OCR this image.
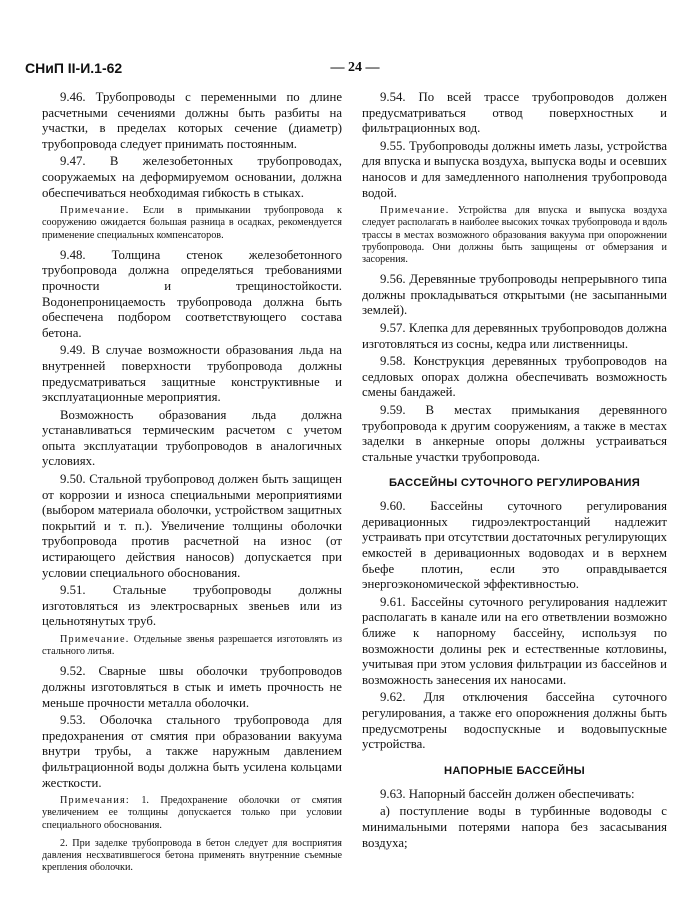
СНиП II-И.1-62	— 24 —

9.46. Трубопроводы с переменными по длине расчетными сечениями должны быть разбиты на участки, в пределах которых сечение (диаметр) трубопровода следует принимать постоянным.

9.47. В железобетонных трубопроводах, сооружаемых на деформируемом основании, должна обеспечиваться необходимая гибкость в стыках.

Примечание. Если в примыкании трубопровода к сооружению ожидается большая разница в осадках, рекомендуется применение специальных компенсаторов.

9.48. Толщина стенок железобетонного трубопровода должна определяться требованиями прочности и трещиностойкости. Водонепроницаемость трубопровода должна быть обеспечена подбором соответствующего состава бетона.

9.49. В случае возможности образования льда на внутренней поверхности трубопровода должны предусматриваться защитные конструктивные и эксплуатационные мероприятия.

Возможность образования льда должна устанавливаться термическим расчетом с учетом опыта эксплуатации трубопроводов в аналогичных условиях.

9.50. Стальной трубопровод должен быть защищен от коррозии и износа специальными мероприятиями (выбором материала оболочки, устройством защитных покрытий и т. п.). Увеличение толщины оболочки трубопровода против расчетной на износ (от истирающего действия наносов) допускается при условии специального обоснования.

9.51. Стальные трубопроводы должны изготовляться из электросварных звеньев или из цельнотянутых труб.

Примечание. Отдельные звенья разрешается изготовлять из стального литья.

9.52. Сварные швы оболочки трубопроводов должны изготовляться в стык и иметь прочность не меньше прочности металла оболочки.

9.53. Оболочка стального трубопровода для предохранения от смятия при образовании вакуума внутри трубы, а также наружным давлением фильтрационной воды должна быть усилена кольцами жесткости.

Примечания: 1. Предохранение оболочки от смятия увеличением ее толщины допускается только при условии специального обоснования.

2. При заделке трубопровода в бетон следует для восприятия давления несхватившегося бетона применять внутренние съемные крепления оболочки.

9.54. По всей трассе трубопроводов должен предусматриваться отвод поверхностных и фильтрационных вод.

9.55. Трубопроводы должны иметь лазы, устройства для впуска и выпуска воздуха, выпуска воды и осевших наносов и для замедленного наполнения трубопровода водой.

Примечание. Устройства для впуска и выпуска воздуха следует располагать в наиболее высоких точках трубопровода и вдоль трассы в местах возможного образования вакуума при опорожнении трубопровода. Они должны быть защищены от обмерзания и засорения.

9.56. Деревянные трубопроводы непрерывного типа должны прокладываться открытыми (не засыпанными землей).

9.57. Клепка для деревянных трубопроводов должна изготовляться из сосны, кедра или лиственницы.

9.58. Конструкция деревянных трубопроводов на седловых опорах должна обеспечивать возможность смены бандажей.

9.59. В местах примыкания деревянного трубопровода к другим сооружениям, а также в местах заделки в анкерные опоры должны устраиваться стальные участки трубопровода.

БАССЕЙНЫ СУТОЧНОГО РЕГУЛИРОВАНИЯ

9.60. Бассейны суточного регулирования деривационных гидроэлектростанций надлежит устраивать при отсутствии достаточных регулирующих емкостей в деривационных водоводах и в верхнем бьефе плотин, если это оправдывается энергоэкономической эффективностью.

9.61. Бассейны суточного регулирования надлежит располагать в канале или на его ответвлении возможно ближе к напорному бассейну, используя по возможности долины рек и естественные котловины, учитывая при этом условия фильтрации из бассейнов и возможность занесения их наносами.

9.62. Для отключения бассейна суточного регулирования, а также его опорожнения должны быть предусмотрены водоспускные и водовыпускные устройства.

НАПОРНЫЕ БАССЕЙНЫ

9.63. Напорный бассейн должен обеспечивать:

а) поступление воды в турбинные водоводы с минимальными потерями напора без засасывания воздуха;
